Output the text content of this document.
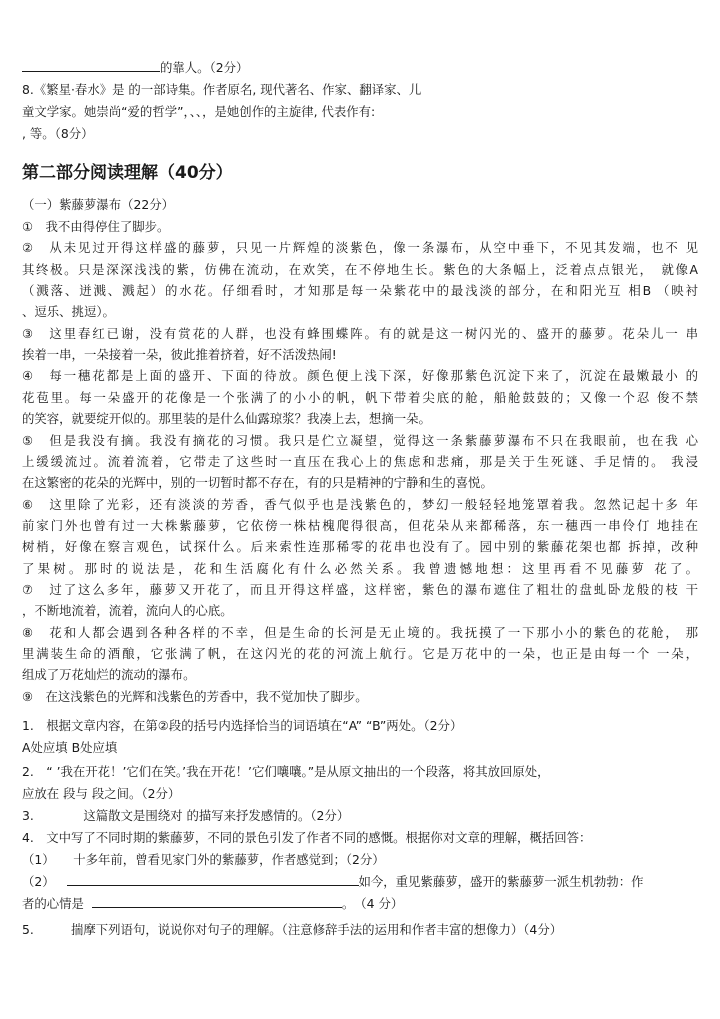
的靠人。（2分）
8.《繁星·春水》是 的一部诗集。作者原名, 现代著名、作家、翻译家、儿
童文学家。她崇尚“爱的哲学”，、、，是她创作的主旋律, 代表作有:
, 等。（8分）
第二部分阅读理解（40分）
（一）紫藤萝瀑布（22分）
①　我不由得停住了脚步。
②　从未见过开得这样盛的藤萝，只见一片辉煌的淡紫色，像一条瀑布，从空中垂下，不见其发端，也不 见
其终极。只是深深浅浅的紫，仿佛在流动，在欢笑，在不停地生长。紫色的大条幅上，泛着点点银光，　就像A
（溅落、迸溅、溅起）的水花。仔细看时，才知那是每一朵紫花中的最浅淡的部分，在和阳光互 相B （映衬
、逗乐、挑逗）。
③　这里春红已谢，没有赏花的人群，也没有蜂围蝶阵。有的就是这一树闪光的、盛开的藤萝。花朵儿一 串
挨着一串，一朵接着一朵，彼此推着挤着，好不活泼热闹!
④　每一穗花都是上面的盛开、下面的待放。颜色便上浅下深，好像那紫色沉淀下来了，沉淀在最嫩最小 的
花苞里。每一朵盛开的花像是一个张满了的小小的帆，帆下带着尖底的舱，船舱鼓鼓的；又像一个忍 俊不禁
的笑容，就要绽开似的。那里装的是什么仙露琼浆？我凑上去，想摘一朵。
⑤　但是我没有摘。我没有摘花的习惯。我只是伫立凝望，觉得这一条紫藤萝瀑布不只在我眼前，也在我 心
上缓缓流过。流着流着，它带走了这些时一直压在我心上的焦虑和悲痛，那是关于生死谜、手足情的。 我浸
在这繁密的花朵的光辉中，别的一切暂时都不存在，有的只是精神的宁静和生的喜悦。
⑥　这里除了光彩，还有淡淡的芳香，香气似乎也是浅紫色的，梦幻一般轻轻地笼罩着我。忽然记起十多 年
前家门外也曾有过一大株紫藤萝，它依傍一株枯槐爬得很高，但花朵从来都稀落，东一穗西一串伶仃 地挂在
树梢，好像在察言观色，试探什么。后来索性连那稀零的花串也没有了。园中别的紫藤花架也都 拆掉，改种
了果树。那时的说法是，花和生活腐化有什么必然关系。我曾遗憾地想：这里再看不见藤萝 花了。
⑦　过了这么多年，藤萝又开花了，而且开得这样盛，这样密，紫色的瀑布遮住了粗壮的盘虬卧龙般的枝 干
，不断地流着，流着，流向人的心底。
⑧　花和人都会遇到各种各样的不幸，但是生命的长河是无止境的。我抚摸了一下那小小的紫色的花舱， 那
里满装生命的酒酿，它张满了帆，在这闪光的花的河流上航行。它是万花中的一朵，也正是由每一个 一朵，
组成了万花灿烂的流动的瀑布。
⑨　在这浅紫色的光辉和浅紫色的芳香中，我不觉加快了脚步。
1.　根据文章内容，在第②段的括号内选择恰当的词语填在“A” “B”两处。（2分）
A处应填 B处应填
2.　“ ’我在开花！’它们在笑。’我在开花！’它们嚷嚷。”是从原文抽出的一个段落，将其放回原处，
应放在 段与 段之间。（2分）
3.　　　　这篇散文是围绕对 的描写来抒发感情的。（2分）
4.　文中写了不同时期的紫藤萝，不同的景色引发了作者不同的感慨。根据你对文章的理解，概括回答：
（1）　　十多年前，曾看见家门外的紫藤萝，作者感觉到；（2分）
（2）	如今，重见紫藤萝，盛开的紫藤萝一派生机勃勃：作
者的心情是	。　（4 分）
5.　　　揣摩下列语句，说说你对句子的理解。（注意修辞手法的运用和作者丰富的想像力）（4分）
